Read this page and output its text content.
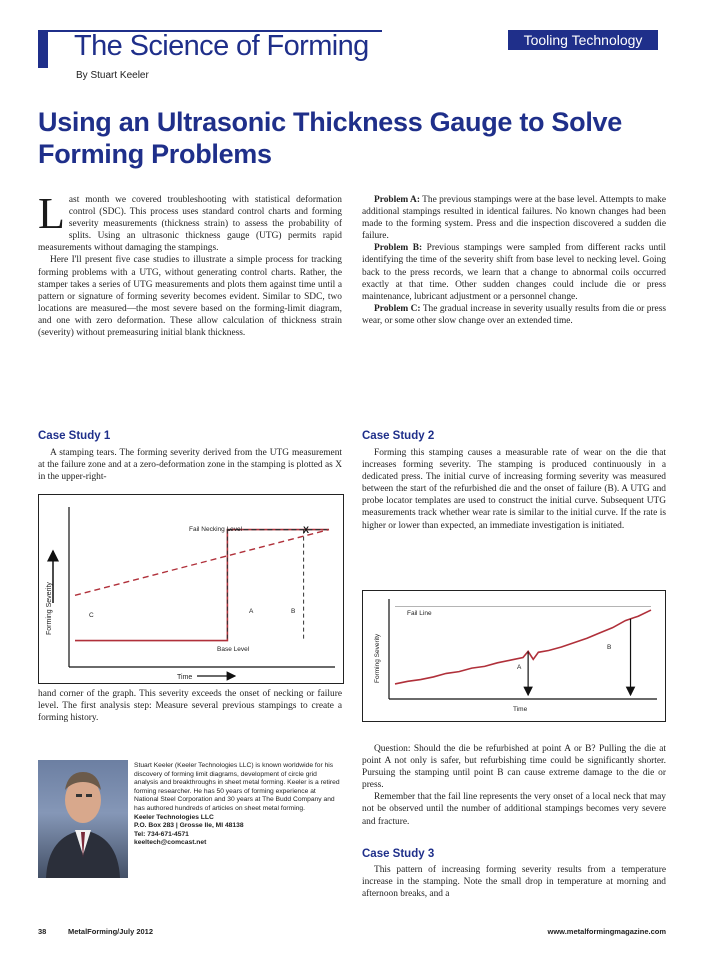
The Science of Forming	Tooling Technology
By Stuart Keeler
Using an Ultrasonic Thickness Gauge to Solve Forming Problems

Last month we covered troubleshooting with statistical deformation control (SDC). This process uses standard control charts and forming severity measurements (thickness strain) to assess the probability of splits. Using an ultrasonic thickness gauge (UTG) permits rapid measurements without damaging the stampings.

Here I'll present five case studies to illustrate a simple process for tracking forming problems with a UTG, without generating control charts. Rather, the stamper takes a series of UTG measurements and plots them against time until a pattern or signature of forming severity becomes evident. Similar to SDC, two locations are measured—the most severe based on the forming-limit diagram, and one with zero deformation. These allow calculation of thickness strain (severity) without premeasuring initial blank thickness.

Case Study 1

A stamping tears. The forming severity derived from the UTG measurement at the failure zone and at a zero-deformation zone in the stamping is plotted as X in the upper-right-

Forming Severity
Time
Fail Necking Level
Base Level
X
A	B
C

hand corner of the graph. This severity exceeds the onset of necking or failure level. The first analysis step: Measure several previous stampings to create a forming history.

Stuart Keeler (Keeler Technologies LLC) is known worldwide for his discovery of forming limit diagrams, development of circle grid analysis and breakthroughs in sheet metal forming. Keeler is a retired forming researcher. He has 50 years of forming experience at National Steel Corporation and 30 years at The Budd Company and has authored hundreds of articles on sheet metal forming.
Keeler Technologies LLC
P.O. Box 283 | Grosse Ile, MI 48138
Tel: 734-671-4571
keeltech@comcast.net

Problem A: The previous stampings were at the base level. Attempts to make additional stampings resulted in identical failures. No known changes had been made to the forming system. Press and die inspection discovered a sudden die failure.

Problem B: Previous stampings were sampled from different racks until identifying the time of the severity shift from base level to necking level. Going back to the press records, we learn that a change to abnormal coils occurred exactly at that time. Other sudden changes could include die or press maintenance, lubricant adjustment or a personnel change.

Problem C: The gradual increase in severity usually results from die or press wear, or some other slow change over an extended time.

Case Study 2

Forming this stamping causes a measurable rate of wear on the die that increases forming severity. The stamping is produced continuously in a dedicated press. The initial curve of increasing forming severity was measured between the start of the refurbished die and the onset of failure (B). A UTG and probe locator templates are used to construct the initial curve. Subsequent UTG measurements track whether wear rate is similar to the initial curve. If the rate is higher or lower than expected, an immediate investigation is initiated.

Forming Severity
Time
Fail Line
A
B

Question: Should the die be refurbished at point A or B? Pulling the die at point A not only is safer, but refurbishing time could be significantly shorter. Pursuing the stamping until point B can cause extreme damage to the die or press.

Remember that the fail line represents the very onset of a local neck that may not be observed until the number of additional stampings becomes very severe and fracture.

Case Study 3

This pattern of increasing forming severity results from a temperature increase in the stamping. Note the small drop in temperature at morning and afternoon breaks, and a

38	MetalForming/July 2012	www.metalformingmagazine.com
